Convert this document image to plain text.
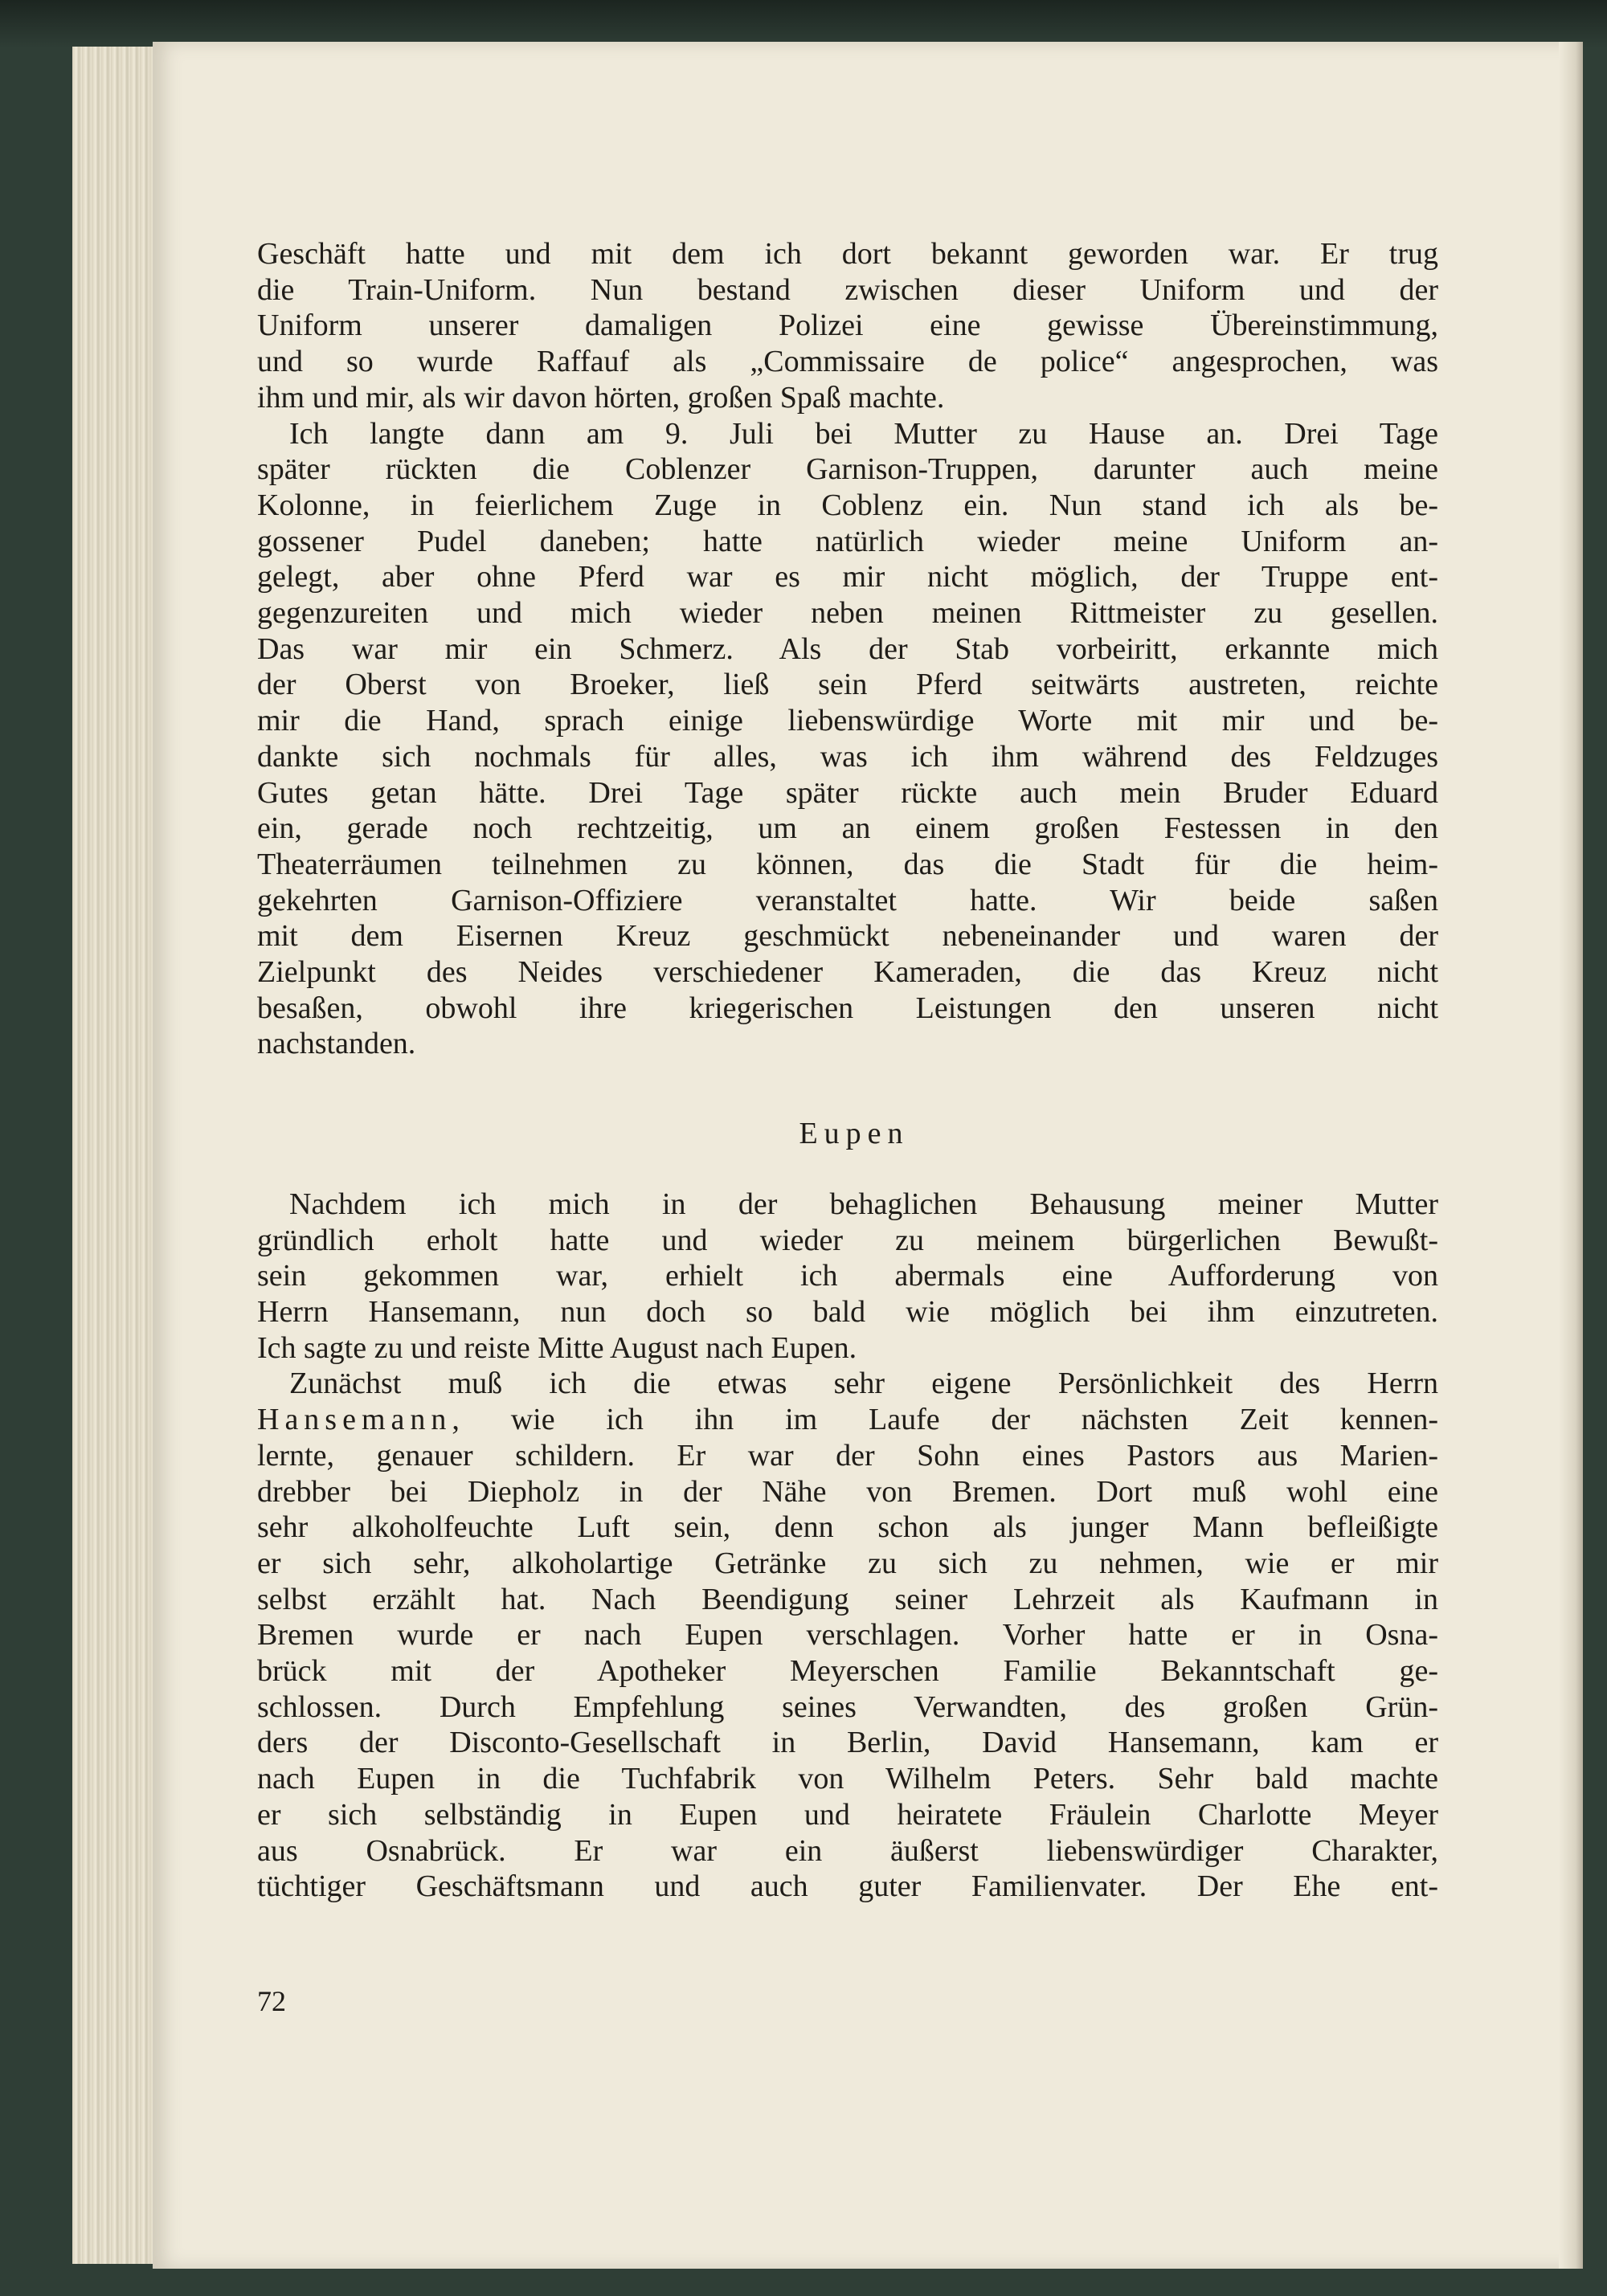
Geschäft hatte und mit dem ich dort bekannt geworden war. Er trug
die Train-Uniform. Nun bestand zwischen dieser Uniform und der
Uniform unserer damaligen Polizei eine gewisse Übereinstimmung,
und so wurde Raffauf als „Commissaire de police“ angesprochen, was
ihm und mir, als wir davon hörten, großen Spaß machte.
Ich langte dann am 9. Juli bei Mutter zu Hause an. Drei Tage
später rückten die Coblenzer Garnison-Truppen, darunter auch meine
Kolonne, in feierlichem Zuge in Coblenz ein. Nun stand ich als be-
gossener Pudel daneben; hatte natürlich wieder meine Uniform an-
gelegt, aber ohne Pferd war es mir nicht möglich, der Truppe ent-
gegenzureiten und mich wieder neben meinen Rittmeister zu gesellen.
Das war mir ein Schmerz. Als der Stab vorbeiritt, erkannte mich
der Oberst von Broeker, ließ sein Pferd seitwärts austreten, reichte
mir die Hand, sprach einige liebenswürdige Worte mit mir und be-
dankte sich nochmals für alles, was ich ihm während des Feldzuges
Gutes getan hätte. Drei Tage später rückte auch mein Bruder Eduard
ein, gerade noch rechtzeitig, um an einem großen Festessen in den
Theaterräumen teilnehmen zu können, das die Stadt für die heim-
gekehrten Garnison-Offiziere veranstaltet hatte. Wir beide saßen
mit dem Eisernen Kreuz geschmückt nebeneinander und waren der
Zielpunkt des Neides verschiedener Kameraden, die das Kreuz nicht
besaßen, obwohl ihre kriegerischen Leistungen den unseren nicht
nachstanden.
Eupen
Nachdem ich mich in der behaglichen Behausung meiner Mutter
gründlich erholt hatte und wieder zu meinem bürgerlichen Bewußt-
sein gekommen war, erhielt ich abermals eine Aufforderung von
Herrn Hansemann, nun doch so bald wie möglich bei ihm einzutreten.
Ich sagte zu und reiste Mitte August nach Eupen.
Zunächst muß ich die etwas sehr eigene Persönlichkeit des Herrn
Hansemann, wie ich ihn im Laufe der nächsten Zeit kennen-
lernte, genauer schildern. Er war der Sohn eines Pastors aus Marien-
drebber bei Diepholz in der Nähe von Bremen. Dort muß wohl eine
sehr alkoholfeuchte Luft sein, denn schon als junger Mann befleißigte
er sich sehr, alkoholartige Getränke zu sich zu nehmen, wie er mir
selbst erzählt hat. Nach Beendigung seiner Lehrzeit als Kaufmann in
Bremen wurde er nach Eupen verschlagen. Vorher hatte er in Osna-
brück mit der Apotheker Meyerschen Familie Bekanntschaft ge-
schlossen. Durch Empfehlung seines Verwandten, des großen Grün-
ders der Disconto-Gesellschaft in Berlin, David Hansemann, kam er
nach Eupen in die Tuchfabrik von Wilhelm Peters. Sehr bald machte
er sich selbständig in Eupen und heiratete Fräulein Charlotte Meyer
aus Osnabrück. Er war ein äußerst liebenswürdiger Charakter,
tüchtiger Geschäftsmann und auch guter Familienvater. Der Ehe ent-
72
